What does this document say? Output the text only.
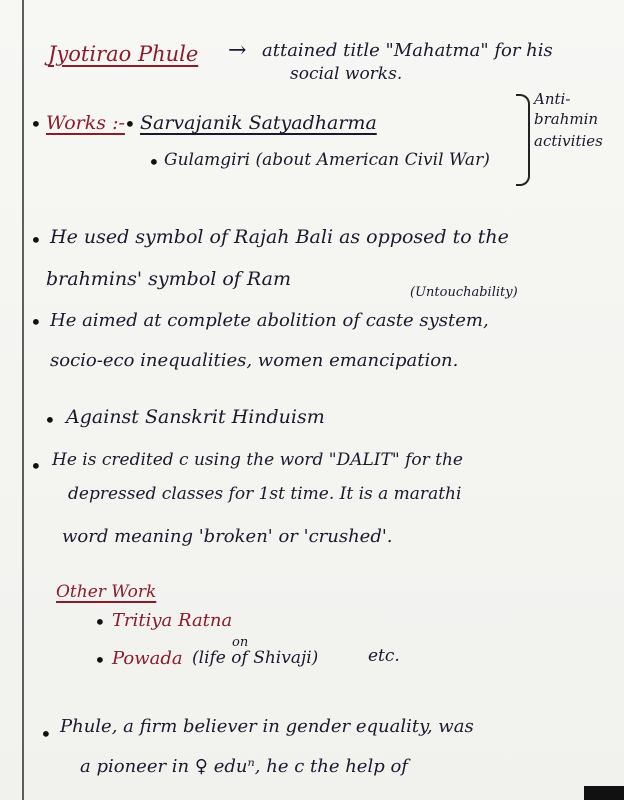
Jyotirao Phule → attained title "Mahatma" for his
social works.
• Works :- • Sarvajanik Satyadharma
• Gulamgiri (about American Civil War)
Anti-
brahmin
activities
• He used symbol of Rajah Bali as opposed to the
brahmins' symbol of Ram
(Untouchability)
• He aimed at complete abolition of caste system,
socio-eco inequalities, women emancipation.
• Against Sanskrit Hinduism
• He is credited c using the word "DALIT" for the
depressed classes for 1st time. It is a marathi
word meaning 'broken' or 'crushed'.
Other Work
• Tritiya Ratna
on
• Powada (life of Shivaji)	etc.
• Phule, a firm believer in gender equality, was
a pioneer in ♀ eduⁿ, he c the help of
